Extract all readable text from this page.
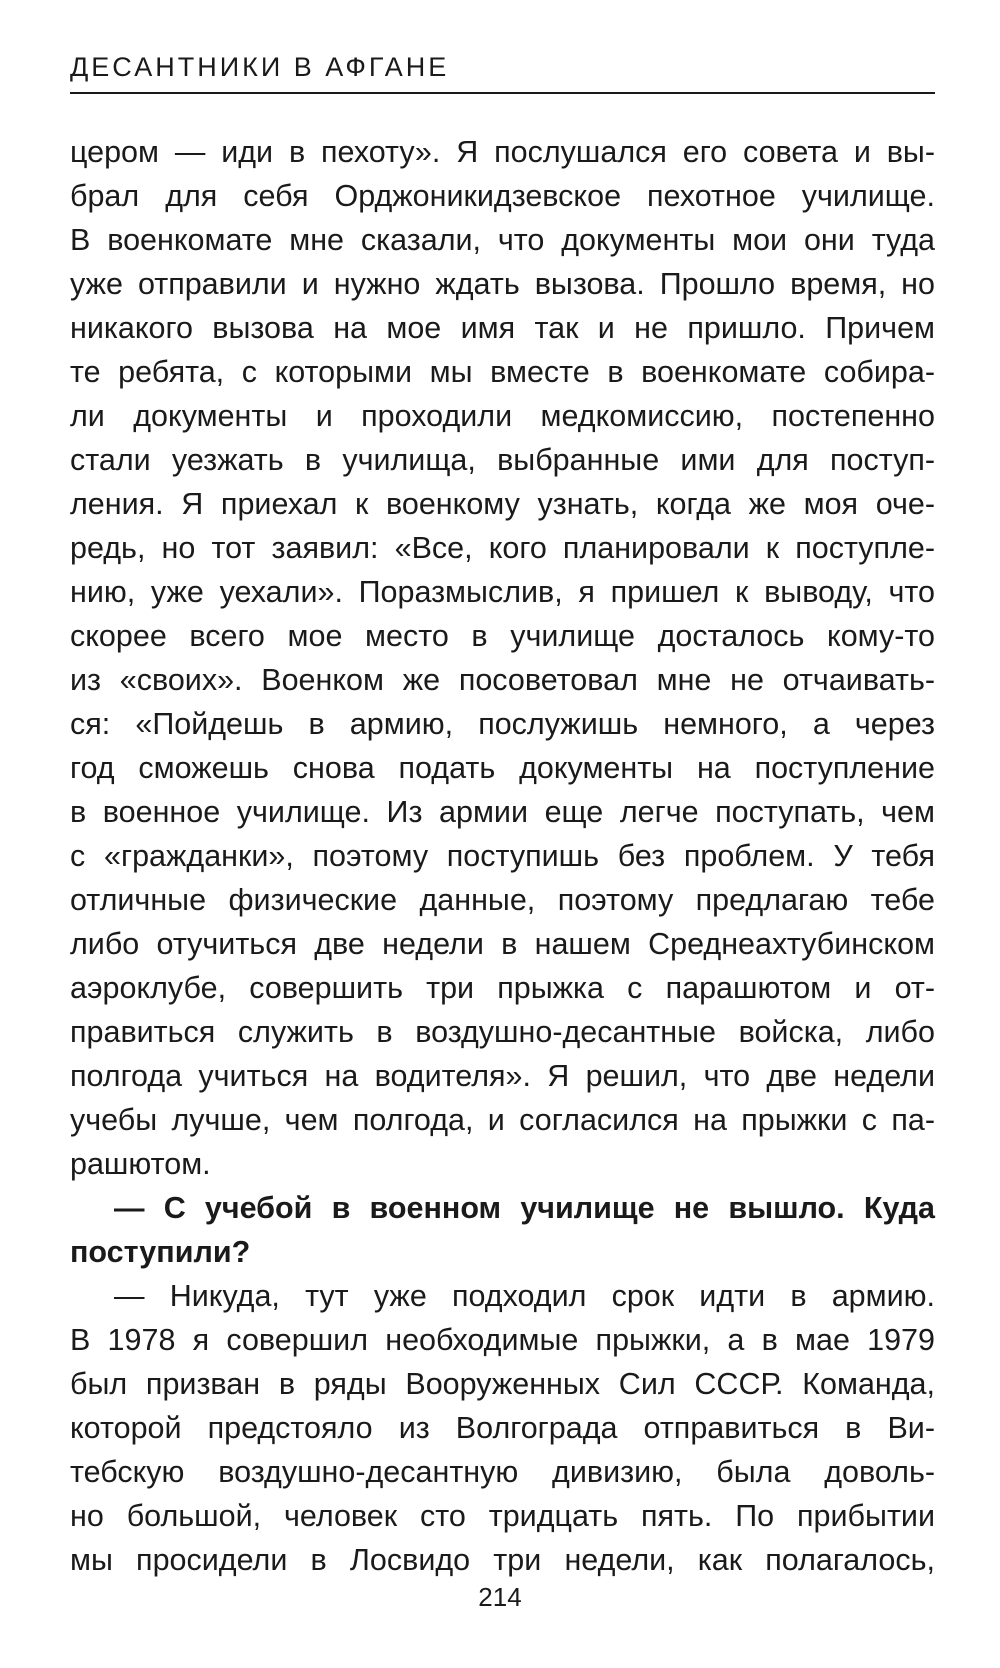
ДЕСАНТНИКИ В АФГАНЕ
цером — иди в пехоту». Я послушался его совета и вы-
брал для себя Орджоникидзевское пехотное училище.
В военкомате мне сказали, что документы мои они туда
уже отправили и нужно ждать вызова. Прошло время, но
никакого вызова на мое имя так и не пришло. Причем
те ребята, с которыми мы вместе в военкомате собира-
ли документы и проходили медкомиссию, постепенно
стали уезжать в училища, выбранные ими для поступ-
ления. Я приехал к военкому узнать, когда же моя оче-
редь, но тот заявил: «Все, кого планировали к поступле-
нию, уже уехали». Поразмыслив, я пришел к выводу, что
скорее всего мое место в училище досталось кому-то
из «своих». Военком же посоветовал мне не отчаивать-
ся: «Пойдешь в армию, послужишь немного, а через
год сможешь снова подать документы на поступление
в военное училище. Из армии еще легче поступать, чем
с «гражданки», поэтому поступишь без проблем. У тебя
отличные физические данные, поэтому предлагаю тебе
либо отучиться две недели в нашем Среднеахтубинском
аэроклубе, совершить три прыжка с парашютом и от-
правиться служить в воздушно-десантные войска, либо
полгода учиться на водителя». Я решил, что две недели
учебы лучше, чем полгода, и согласился на прыжки с па-
рашютом.
— С учебой в военном училище не вышло. Куда
поступили?
— Никуда, тут уже подходил срок идти в армию.
В 1978 я совершил необходимые прыжки, а в мае 1979
был призван в ряды Вооруженных Сил СССР. Команда,
которой предстояло из Волгограда отправиться в Ви-
тебскую воздушно-десантную дивизию, была доволь-
но большой, человек сто тридцать пять. По прибытии
мы просидели в Лосвидо три недели, как полагалось,
214
